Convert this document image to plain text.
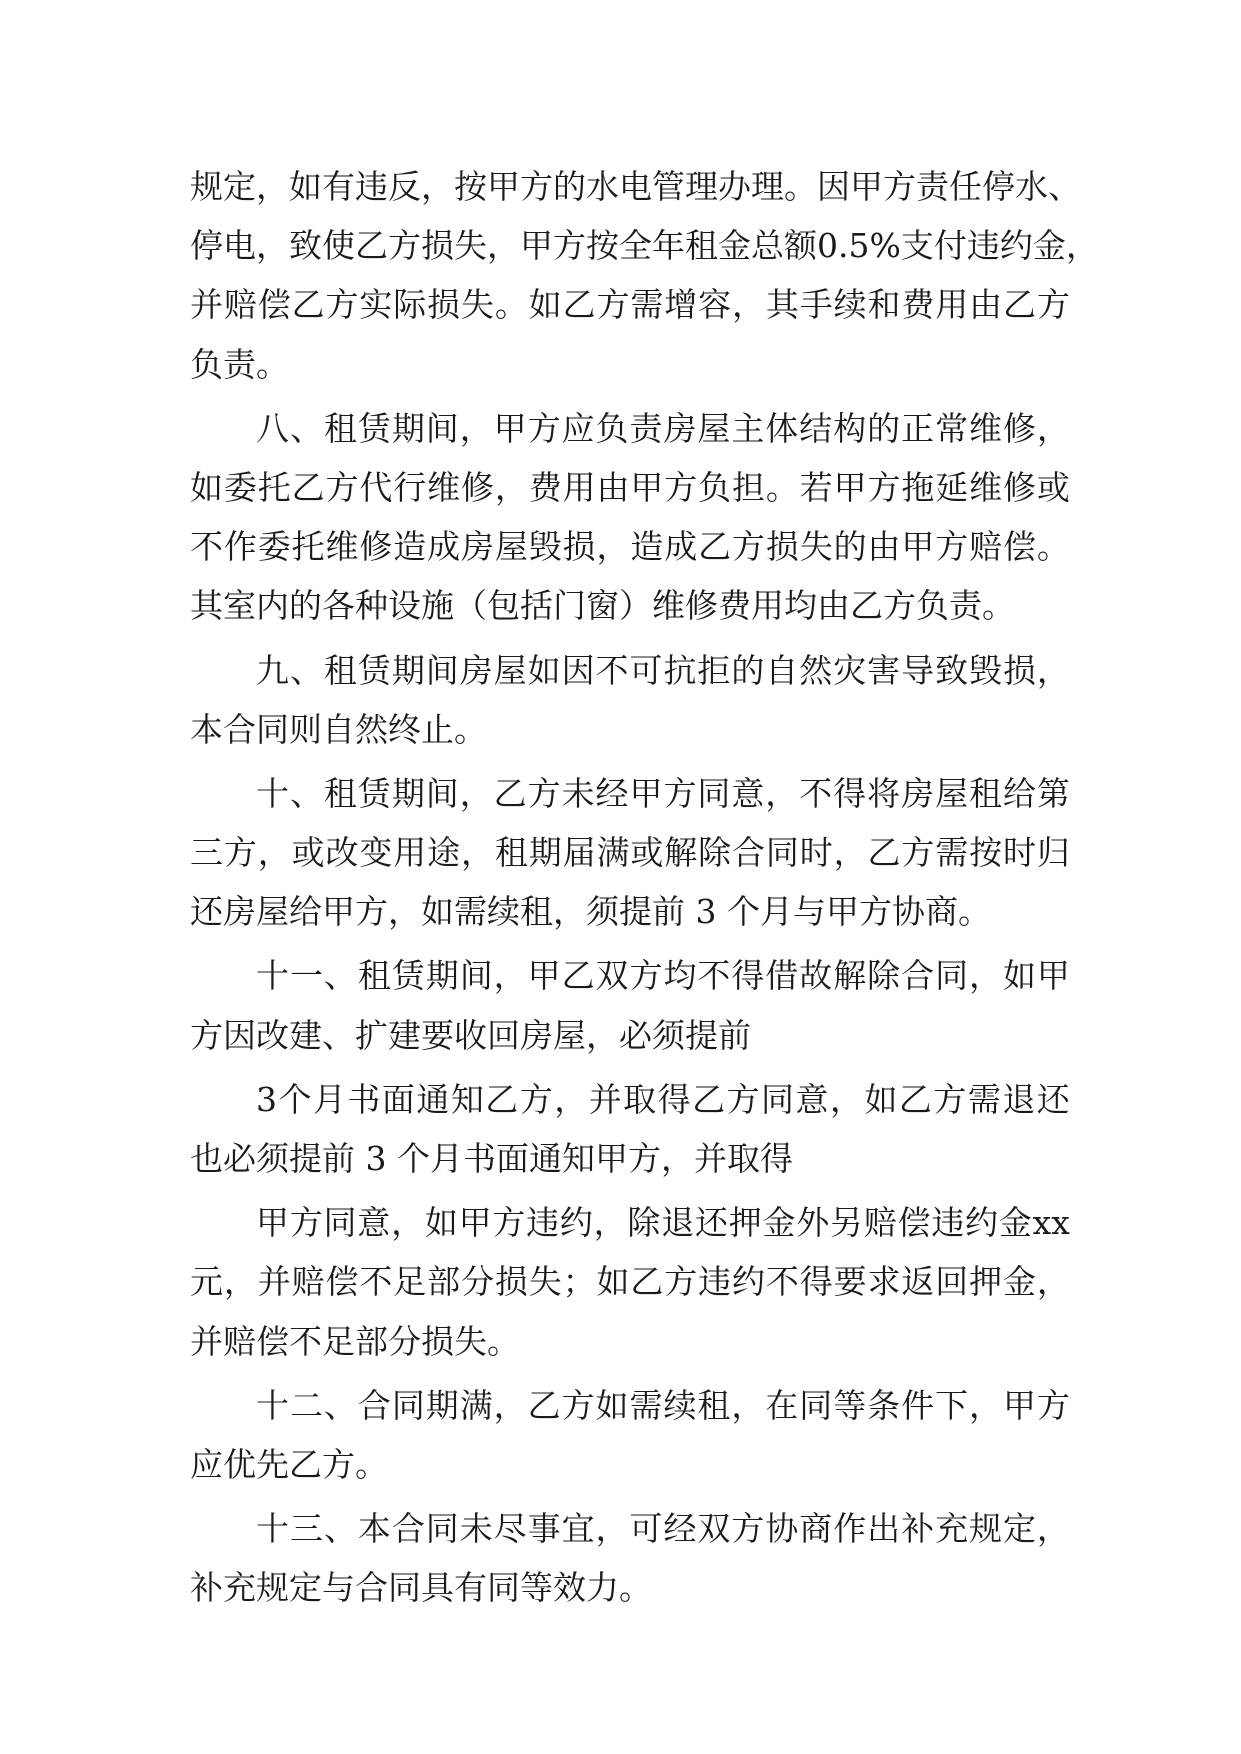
规 定 ， 如 有 违 反 ， 按 甲 方 的 水 电 管 理 办 理 。 因 甲 方 责 任 停 水 、
停 电 ， 致 使 乙 方 损 失 ， 甲 方 按 全 年 租 金 总 额 0.5% 支 付 违 约 金 ，
并 赔 偿 乙 方 实 际 损 失 。 如 乙 方 需 增 容 ， 其 手 续 和 费 用 由 乙 方
负责。
八 、 租 赁 期 间 ， 甲 方 应 负 责 房 屋 主 体 结 构 的 正 常 维 修 ，
如 委 托 乙 方 代 行 维 修 ， 费 用 由 甲 方 负 担 。 若 甲 方 拖 延 维 修 或
不 作 委 托 维 修 造 成 房 屋 毁 损 ， 造 成 乙 方 损 失 的 由 甲 方 赔 偿 。
其室内的各种设施（包括门窗）维修费用均由乙方负责。
九 、 租 赁 期 间 房 屋 如 因 不 可 抗 拒 的 自 然 灾 害 导 致 毁 损 ，
本合同则自然终止。
十 、 租 赁 期 间 ， 乙 方 未 经 甲 方 同 意 ， 不 得 将 房 屋 租 给 第
三 方 ， 或 改 变 用 途 ， 租 期 届 满 或 解 除 合 同 时 ， 乙 方 需 按 时 归
还房屋给甲方，如需续租，须提前 3 个月与甲方协商。
十 一 、 租 赁 期 间 ， 甲 乙 双 方 均 不 得 借 故 解 除 合 同 ， 如 甲
方因改建、扩建要收回房屋，必须提前
3 个 月 书 面 通 知 乙 方 ， 并 取 得 乙 方 同 意 ， 如 乙 方 需 退 还
也必须提前 3 个月书面通知甲方，并取得
甲 方 同 意 ， 如 甲 方 违 约 ， 除 退 还 押 金 外 另 赔 偿 违 约 金 xx
元 ， 并 赔 偿 不 足 部 分 损 失 ； 如 乙 方 违 约 不 得 要 求 返 回 押 金 ，
并赔偿不足部分损失。
十 二 、 合 同 期 满 ， 乙 方 如 需 续 租 ， 在 同 等 条 件 下 ， 甲 方
应优先乙方。
十 三 、 本 合 同 未 尽 事 宜 ， 可 经 双 方 协 商 作 出 补 充 规 定 ，
补充规定与合同具有同等效力。
